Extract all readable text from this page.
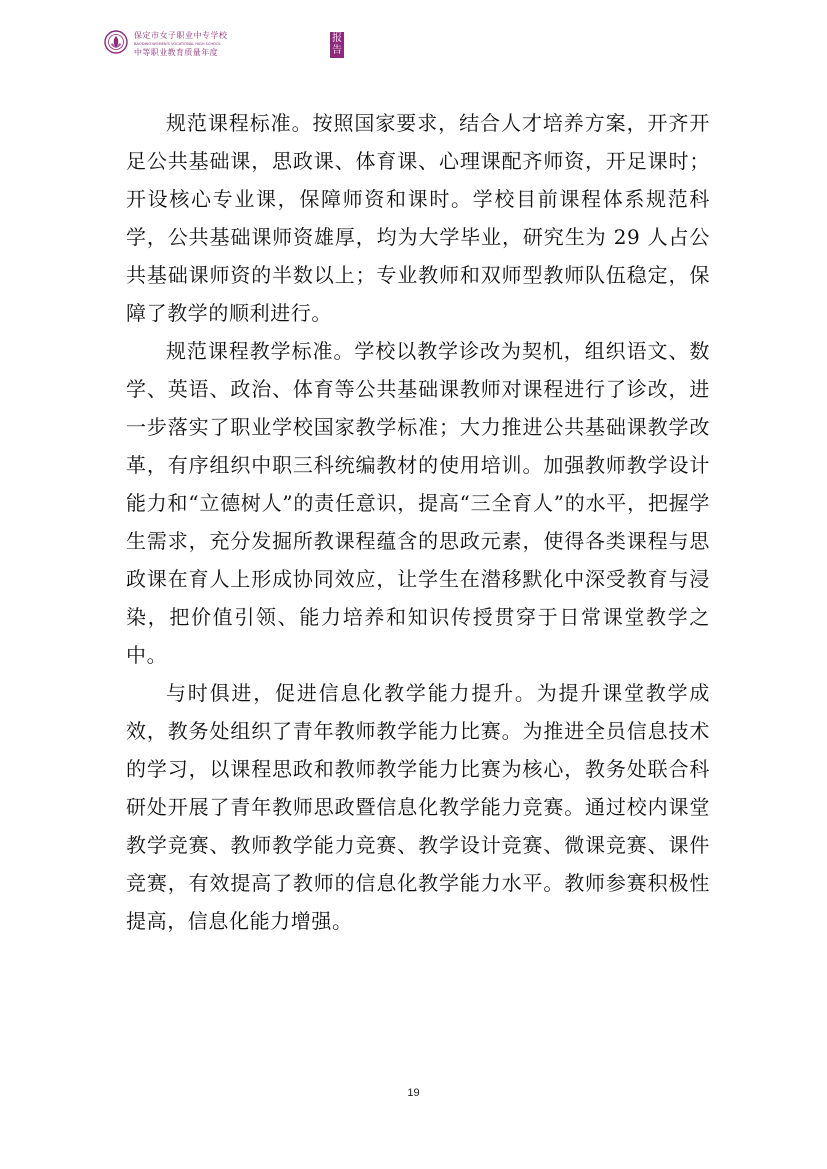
保定市女子职业中专学校
BAODING WOMEN'S VOCATIONAL HIGH SCHOOL
中等职业教育质量年度
报
告

规范课程标准。按照国家要求，结合人才培养方案，开齐开足公共基础课，思政课、体育课、心理课配齐师资，开足课时；开设核心专业课，保障师资和课时。学校目前课程体系规范科学，公共基础课师资雄厚，均为大学毕业，研究生为 29 人占公共基础课师资的半数以上；专业教师和双师型教师队伍稳定，保障了教学的顺利进行。

规范课程教学标准。学校以教学诊改为契机，组织语文、数学、英语、政治、体育等公共基础课教师对课程进行了诊改，进一步落实了职业学校国家教学标准；大力推进公共基础课教学改革，有序组织中职三科统编教材的使用培训。加强教师教学设计能力和“立德树人”的责任意识，提高“三全育人”的水平，把握学生需求，充分发掘所教课程蕴含的思政元素，使得各类课程与思政课在育人上形成协同效应，让学生在潜移默化中深受教育与浸染，把价值引领、能力培养和知识传授贯穿于日常课堂教学之中。

与时俱进，促进信息化教学能力提升。为提升课堂教学成效，教务处组织了青年教师教学能力比赛。为推进全员信息技术的学习，以课程思政和教师教学能力比赛为核心，教务处联合科研处开展了青年教师思政暨信息化教学能力竞赛。通过校内课堂教学竞赛、教师教学能力竞赛、教学设计竞赛、微课竞赛、课件竞赛，有效提高了教师的信息化教学能力水平。教师参赛积极性提高，信息化能力增强。

19
